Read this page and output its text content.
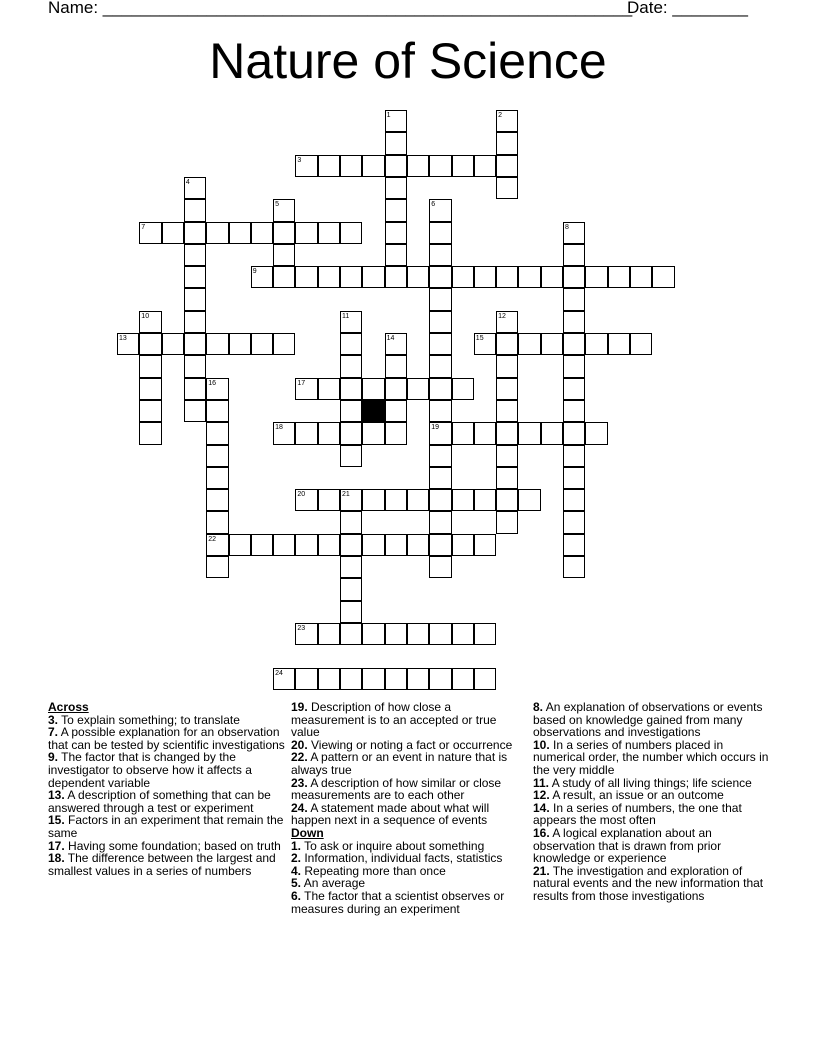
Name: ________________________________________________________
Date: ________
Nature of Science
3
7
9
13	15
17
18	19
20
22
23
24
1	2
4
5	6
8
10	11	12
14
16
21

Across

3. To explain something; to translate

7. A possible explanation for an observation that can be tested by scientific investigations

9. The factor that is changed by the investigator to observe how it affects a dependent variable

13. A description of something that can be answered through a test or experiment

15. Factors in an experiment that remain the same

17. Having some foundation; based on truth

18. The difference between the largest and smallest values in a series of numbers

19. Description of how close a measurement is to an accepted or true value

20. Viewing or noting a fact or occurrence

22. A pattern or an event in nature that is always true

23. A description of how similar or close measurements are to each other

24. A statement made about what will happen next in a sequence of events

Down

1. To ask or inquire about something

2. Information, individual facts, statistics

4. Repeating more than once

5. An average

6. The factor that a scientist observes or measures during an experiment

8. An explanation of observations or events based on knowledge gained from many observations and investigations

10. In a series of numbers placed in numerical order, the number which occurs in the very middle

11. A study of all living things; life science

12. A result, an issue or an outcome

14. In a series of numbers, the one that appears the most often

16. A logical explanation about an observation that is drawn from prior knowledge or experience

21. The investigation and exploration of natural events and the new information that results from those investigations
